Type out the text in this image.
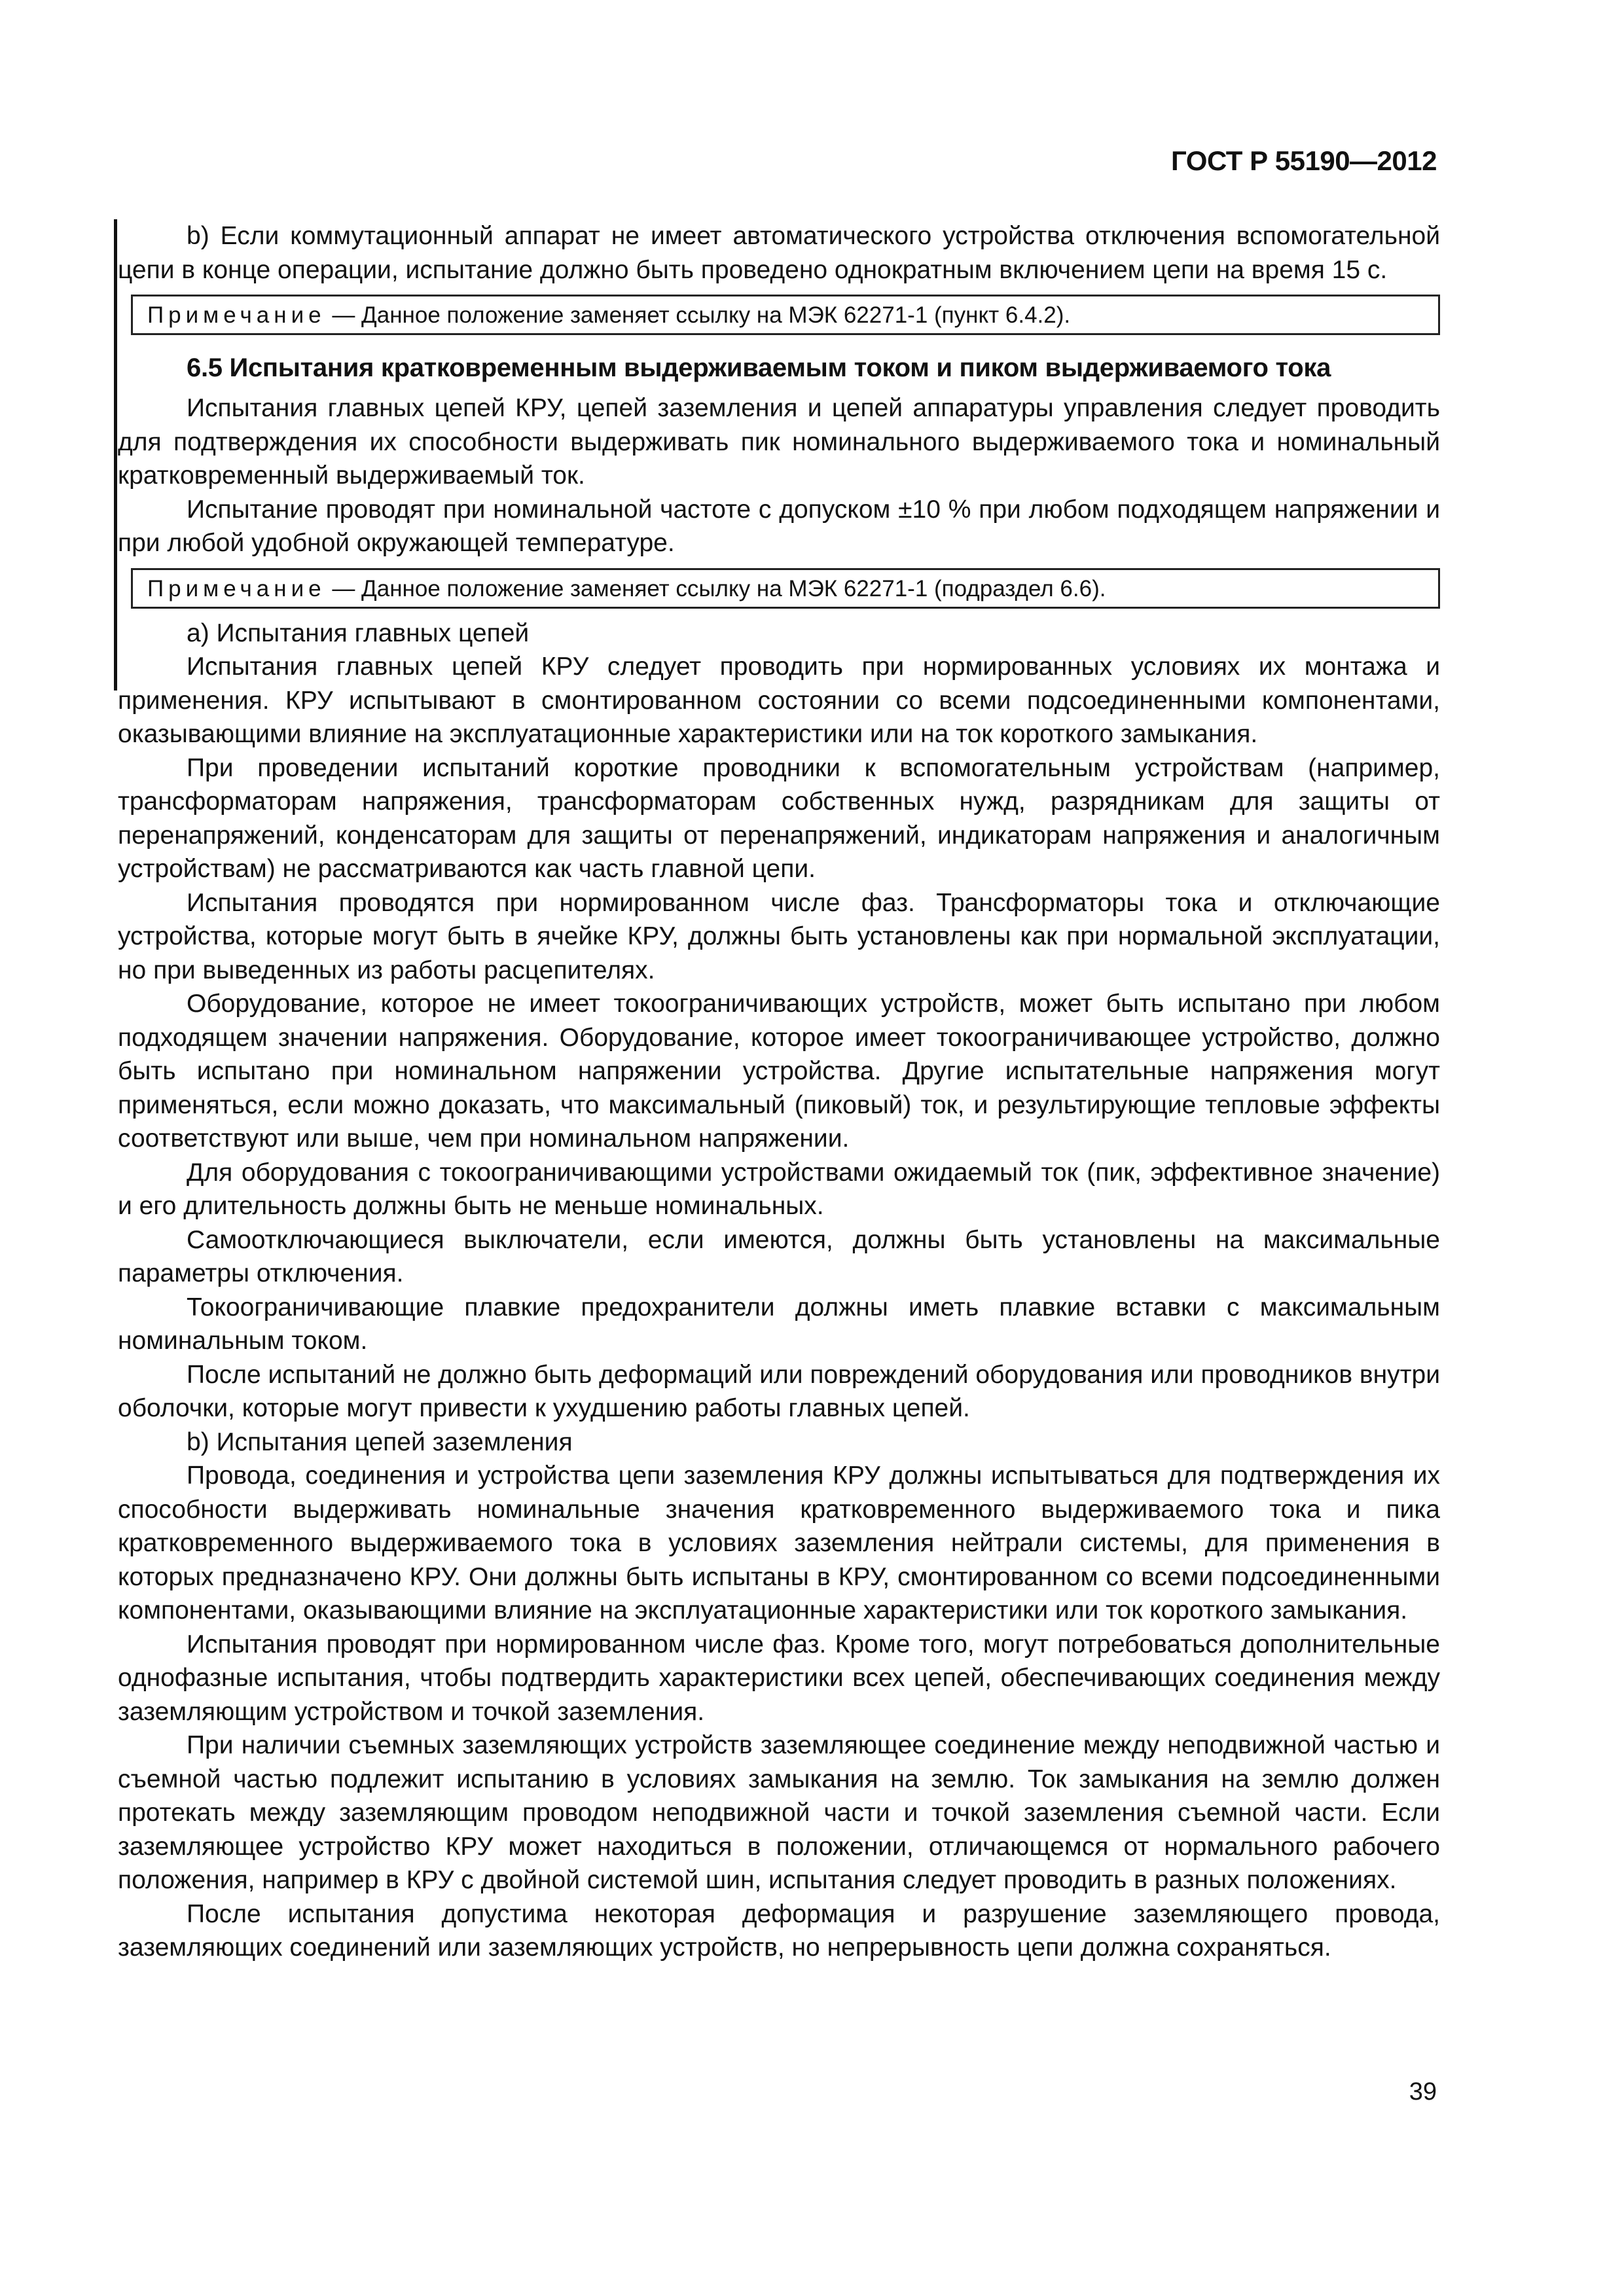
ГОСТ Р 55190—2012

b) Если коммутационный аппарат не имеет автоматического устройства отключения вспомогательной цепи в конце операции, испытание должно быть проведено однократным включением цепи на время 15 с.

Примечание — Данное положение заменяет ссылку на МЭК 62271-1 (пункт 6.4.2).
6.5 Испытания кратковременным выдерживаемым током и пиком выдерживаемого тока

Испытания главных цепей КРУ, цепей заземления и цепей аппаратуры управления следует проводить для подтверждения их способности выдерживать пик номинального выдерживаемого тока и номинальный кратковременный выдерживаемый ток.

Испытание проводят при номинальной частоте с допуском ±10 % при любом подходящем напряжении и при любой удобной окружающей температуре.

Примечание — Данное положение заменяет ссылку на МЭК 62271-1 (подраздел 6.6).

а) Испытания главных цепей

Испытания главных цепей КРУ следует проводить при нормированных условиях их монтажа и применения. КРУ испытывают в смонтированном состоянии со всеми подсоединенными компонентами, оказывающими влияние на эксплуатационные характеристики или на ток короткого замыкания.

При проведении испытаний короткие проводники к вспомогательным устройствам (например, трансформаторам напряжения, трансформаторам собственных нужд, разрядникам для защиты от перенапряжений, конденсаторам для защиты от перенапряжений, индикаторам напряжения и аналогичным устройствам) не рассматриваются как часть главной цепи.

Испытания проводятся при нормированном числе фаз. Трансформаторы тока и отключающие устройства, которые могут быть в ячейке КРУ, должны быть установлены как при нормальной эксплуатации, но при выведенных из работы расцепителях.

Оборудование, которое не имеет токоограничивающих устройств, может быть испытано при любом подходящем значении напряжения. Оборудование, которое имеет токоограничивающее устройство, должно быть испытано при номинальном напряжении устройства. Другие испытательные напряжения могут применяться, если можно доказать, что максимальный (пиковый) ток, и результирующие тепловые эффекты соответствуют или выше, чем при номинальном напряжении.

Для оборудования с токоограничивающими устройствами ожидаемый ток (пик, эффективное значение) и его длительность должны быть не меньше номинальных.

Самоотключающиеся выключатели, если имеются, должны быть установлены на максимальные параметры отключения.

Токоограничивающие плавкие предохранители должны иметь плавкие вставки с максимальным номинальным током.

После испытаний не должно быть деформаций или повреждений оборудования или проводников внутри оболочки, которые могут привести к ухудшению работы главных цепей.

b) Испытания цепей заземления

Провода, соединения и устройства цепи заземления КРУ должны испытываться для подтверждения их способности выдерживать номинальные значения кратковременного выдерживаемого тока и пика кратковременного выдерживаемого тока в условиях заземления нейтрали системы, для применения в которых предназначено КРУ. Они должны быть испытаны в КРУ, смонтированном со всеми подсоединенными компонентами, оказывающими влияние на эксплуатационные характеристики или ток короткого замыкания.

Испытания проводят при нормированном числе фаз. Кроме того, могут потребоваться дополнительные однофазные испытания, чтобы подтвердить характеристики всех цепей, обеспечивающих соединения между заземляющим устройством и точкой заземления.

При наличии съемных заземляющих устройств заземляющее соединение между неподвижной частью и съемной частью подлежит испытанию в условиях замыкания на землю. Ток замыкания на землю должен протекать между заземляющим проводом неподвижной части и точкой заземления съемной части. Если заземляющее устройство КРУ может находиться в положении, отличающемся от нормального рабочего положения, например в КРУ с двойной системой шин, испытания следует проводить в разных положениях.

После испытания допустима некоторая деформация и разрушение заземляющего провода, заземляющих соединений или заземляющих устройств, но непрерывность цепи должна сохраняться.

39
